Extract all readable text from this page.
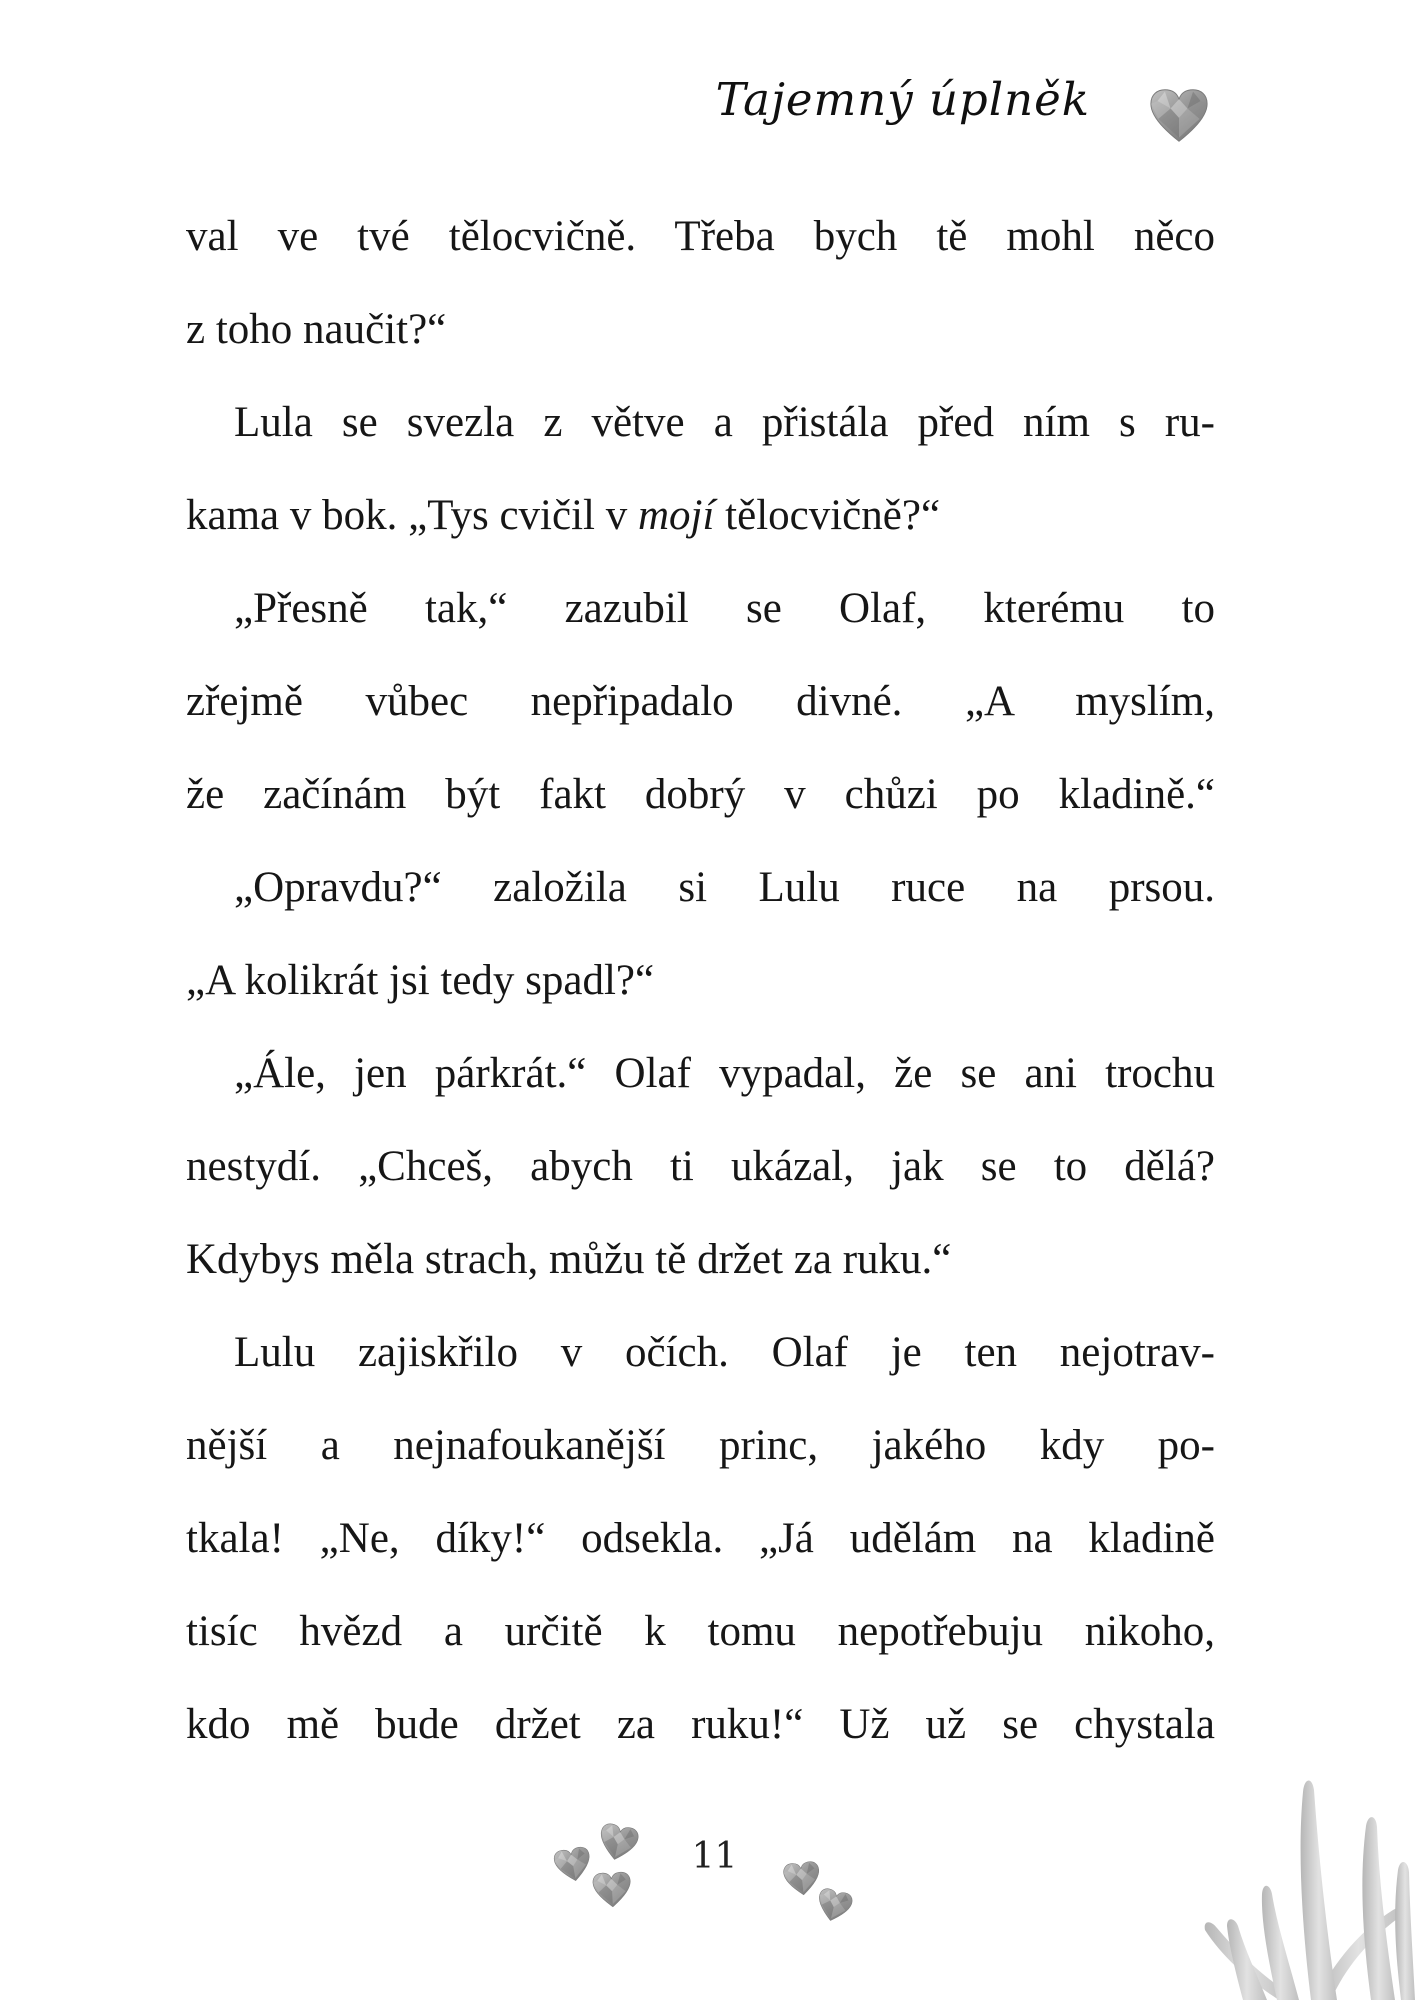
Tajemný úplněk
val ve tvé tělocvičně. Třeba bych tě mohl něco
z toho naučit?“
Lula se svezla z větve a přistála před ním s ru-
kama v bok. „Tys cvičil v mojí tělocvičně?“
„Přesně tak,“ zazubil se Olaf, kterému to
zřejmě vůbec nepřipadalo divné. „A myslím,
že začínám být fakt dobrý v chůzi po kladině.“
„Opravdu?“ založila si Lulu ruce na prsou.
„A kolikrát jsi tedy spadl?“
„Ále, jen párkrát.“ Olaf vypadal, že se ani trochu
nestydí. „Chceš, abych ti ukázal, jak se to dělá?
Kdybys měla strach, můžu tě držet za ruku.“
Lulu zajiskřilo v očích. Olaf je ten nejotrav-
nější a nejnafoukanější princ, jakého kdy po-
tkala! „Ne, díky!“ odsekla. „Já udělám na kladině
tisíc hvězd a určitě k tomu nepotřebuju nikoho,
kdo mě bude držet za ruku!“ Už už se chystala
11
